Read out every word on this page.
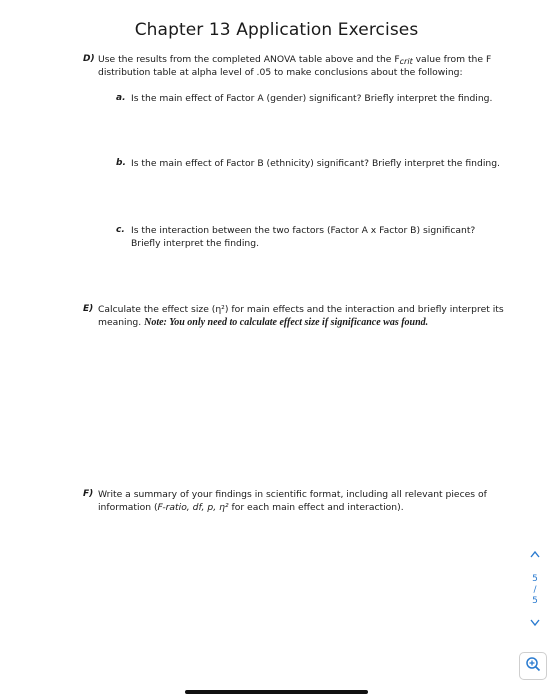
Chapter 13 Application Exercises
D) Use the results from the completed ANOVA table above and the Fcrit value from the F
distribution table at alpha level of .05 to make conclusions about the following:
a. Is the main effect of Factor A (gender) significant? Briefly interpret the finding.
b. Is the main effect of Factor B (ethnicity) significant? Briefly interpret the finding.
c. Is the interaction between the two factors (Factor A x Factor B) significant?
Briefly interpret the finding.
E) Calculate the effect size (η²) for main effects and the interaction and briefly interpret its
meaning. Note: You only need to calculate effect size if significance was found.
F) Write a summary of your findings in scientific format, including all relevant pieces of
information (F-ratio, df, p, η² for each main effect and interaction).
5
/
5
